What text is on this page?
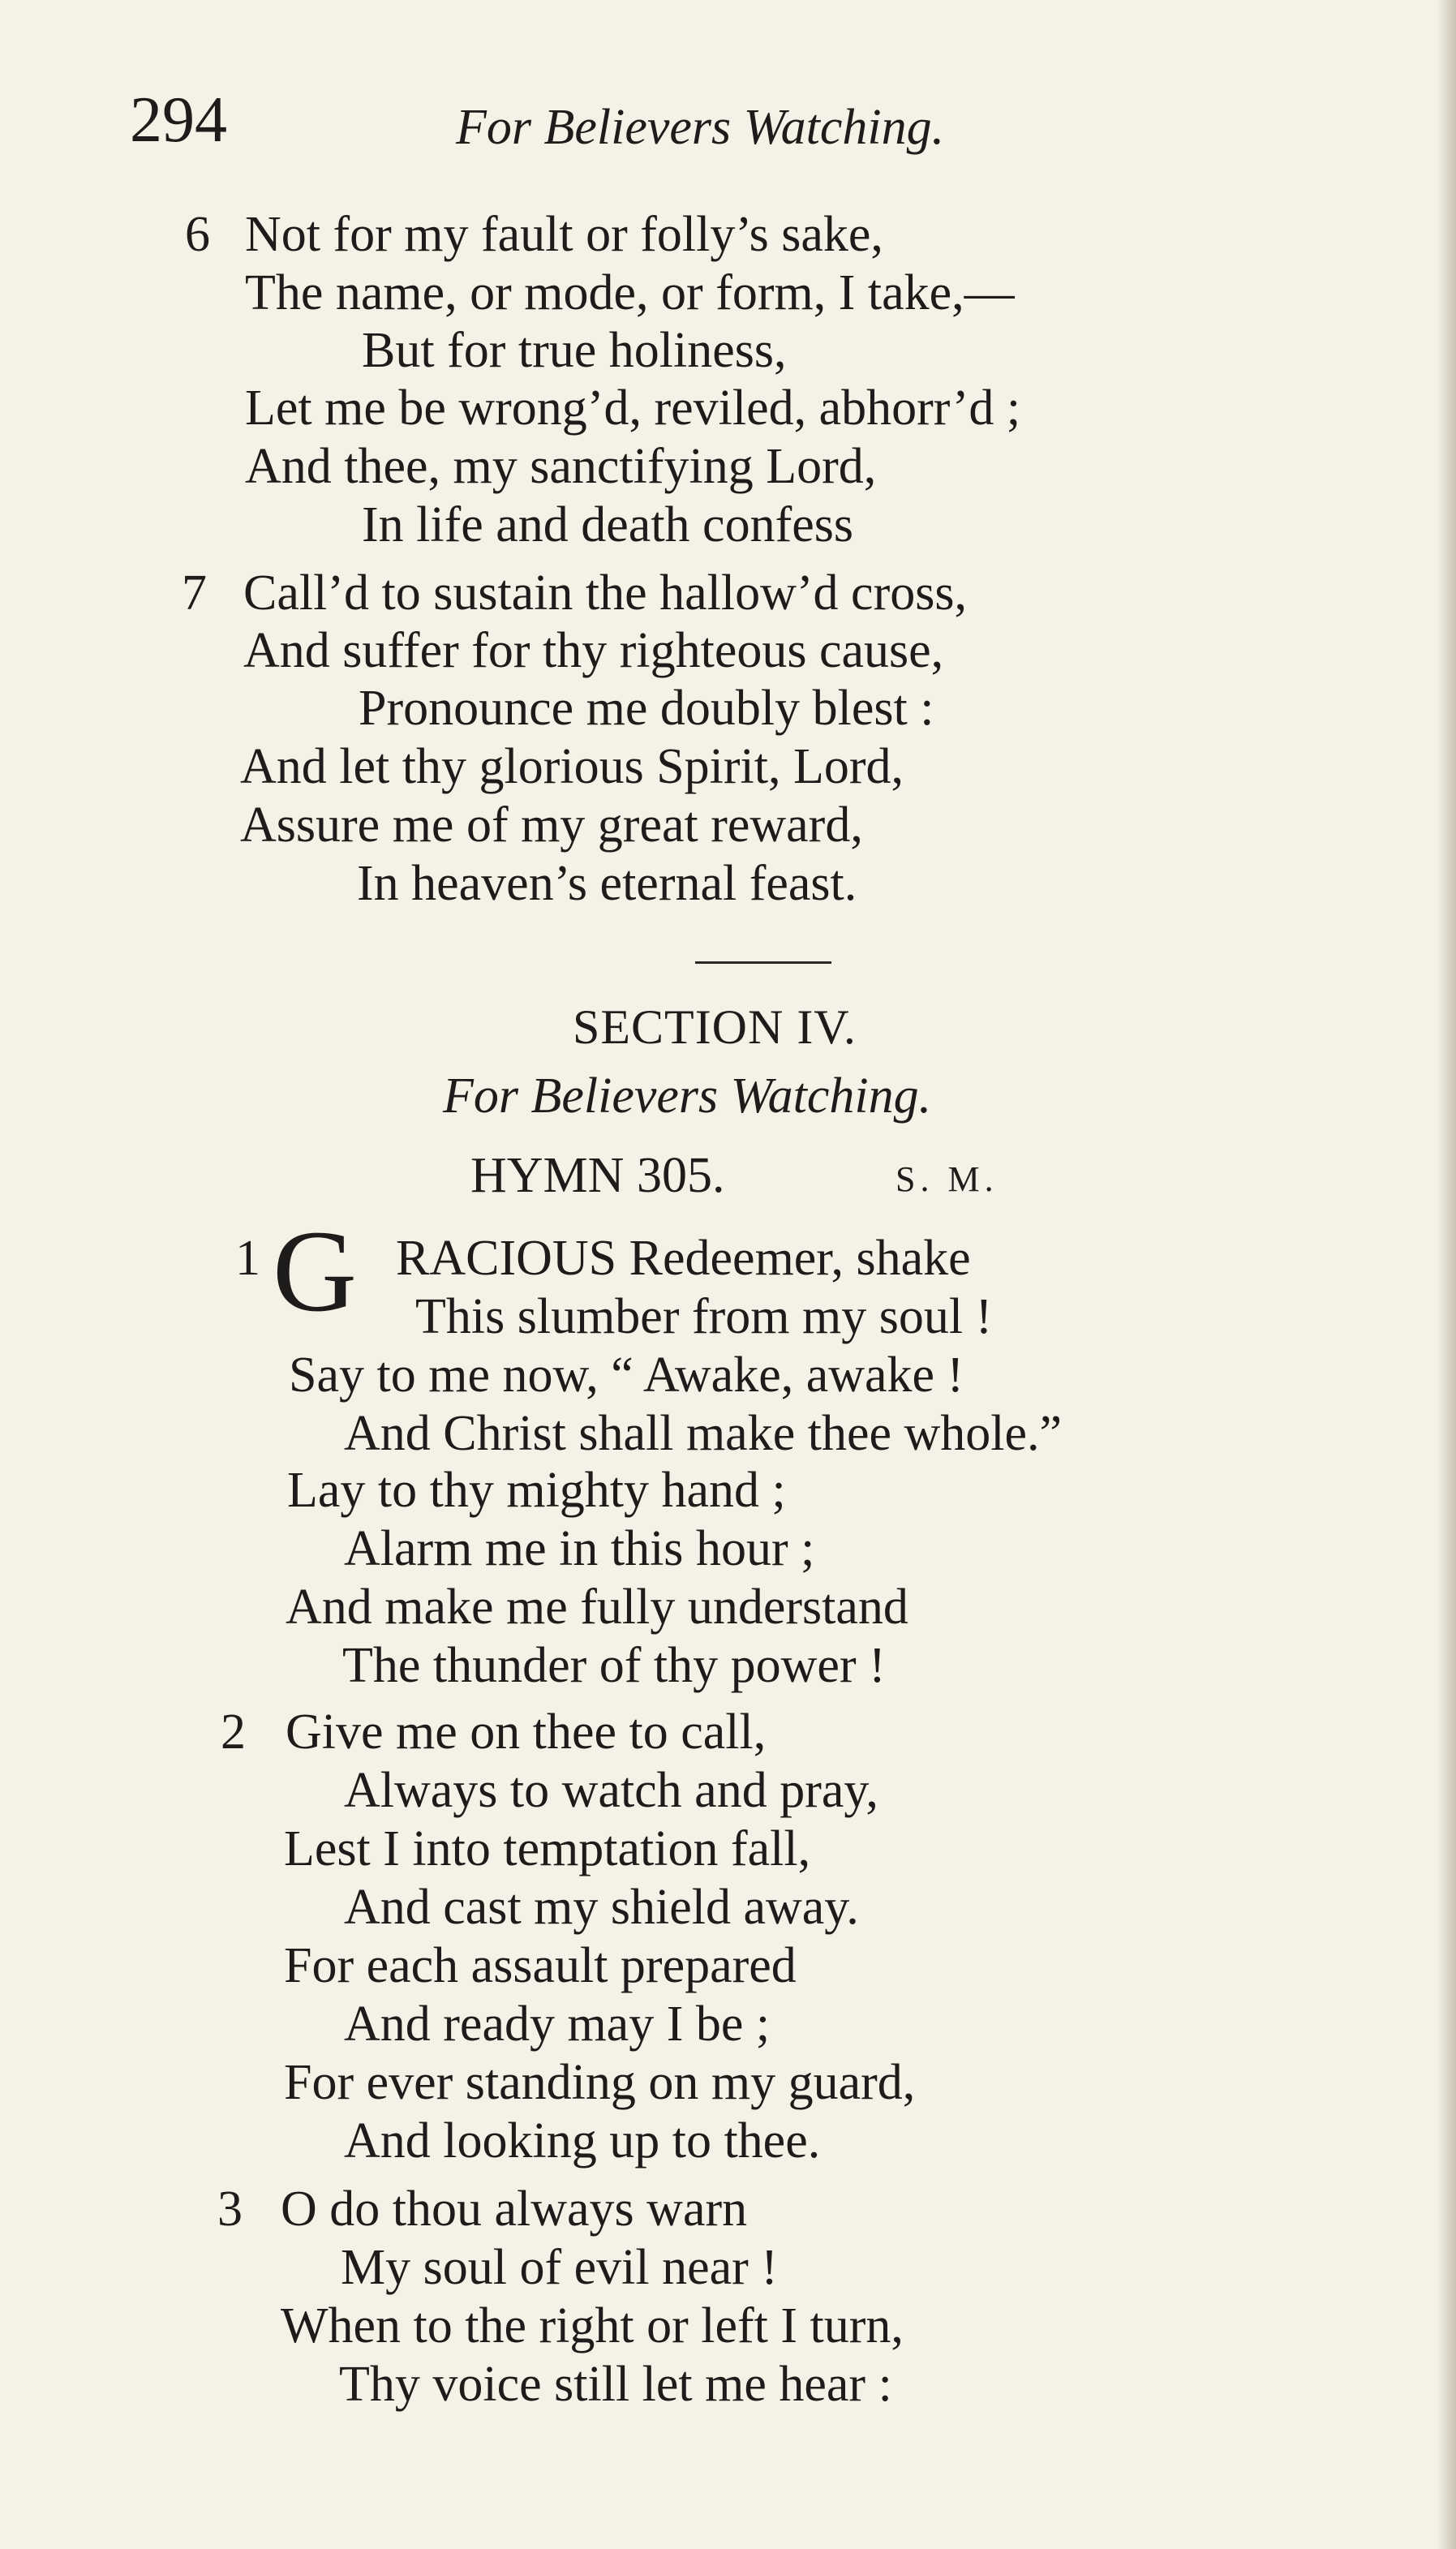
294	For Believers Watching.
6 Not for my fault or folly’s sake,
The name, or mode, or form, I take,—
But for true holiness,
Let me be wrong’d, reviled, abhorr’d ;
And thee, my sanctifying Lord,
In life and death confess
7 Call’d to sustain the hallow’d cross,
And suffer for thy righteous cause,
Pronounce me doubly blest :
And let thy glorious Spirit, Lord,
Assure me of my great reward,
In heaven’s eternal feast.
SECTION IV.
For Believers Watching.
HYMN 305.	S. M.
1 G RACIOUS Redeemer, shake
This slumber from my soul !
Say to me now, “ Awake, awake !
And Christ shall make thee whole.”
Lay to thy mighty hand ;
Alarm me in this hour ;
And make me fully understand
The thunder of thy power !
2 Give me on thee to call,
Always to watch and pray,
Lest I into temptation fall,
And cast my shield away.
For each assault prepared
And ready may I be ;
For ever standing on my guard,
And looking up to thee.
3 O do thou always warn
My soul of evil near !
When to the right or left I turn,
Thy voice still let me hear :
